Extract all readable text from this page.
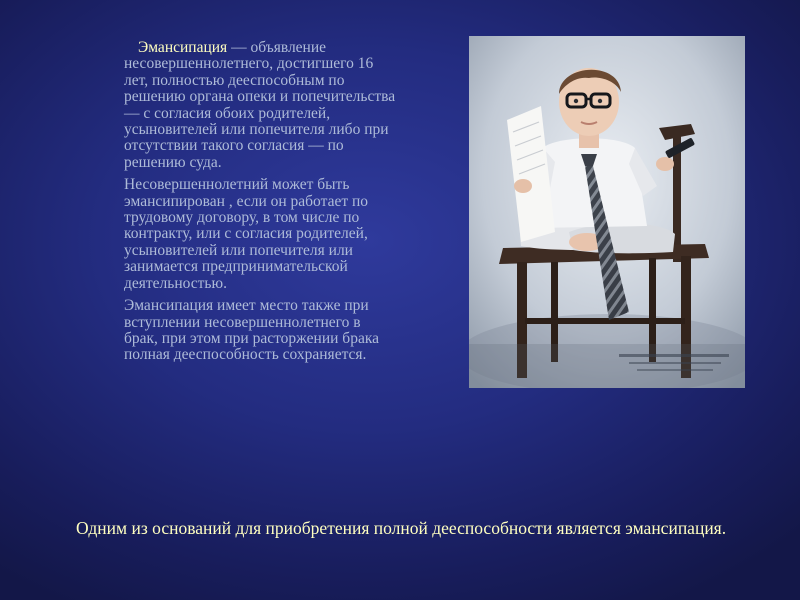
Эмансипация — объявление несовершеннолетнего, достигшего 16 лет, полностью дееспособным по решению органа опеки и попечительства — с согласия обоих родителей, усыновителей или попечителя либо при отсутствии такого согласия — по решению суда.

Несовершеннолетний может быть эмансипирован , если он работает по трудовому договору, в том числе по контракту, или с согласия родителей, усыновителей или попечителя или занимается предпринимательской деятельностью.

Эмансипация имеет место также при вступлении несовершеннолетнего в брак, при этом при расторжении брака полная дееспособность сохраняется.

Одним из оснований для приобретения полной дееспособности является эмансипация.
